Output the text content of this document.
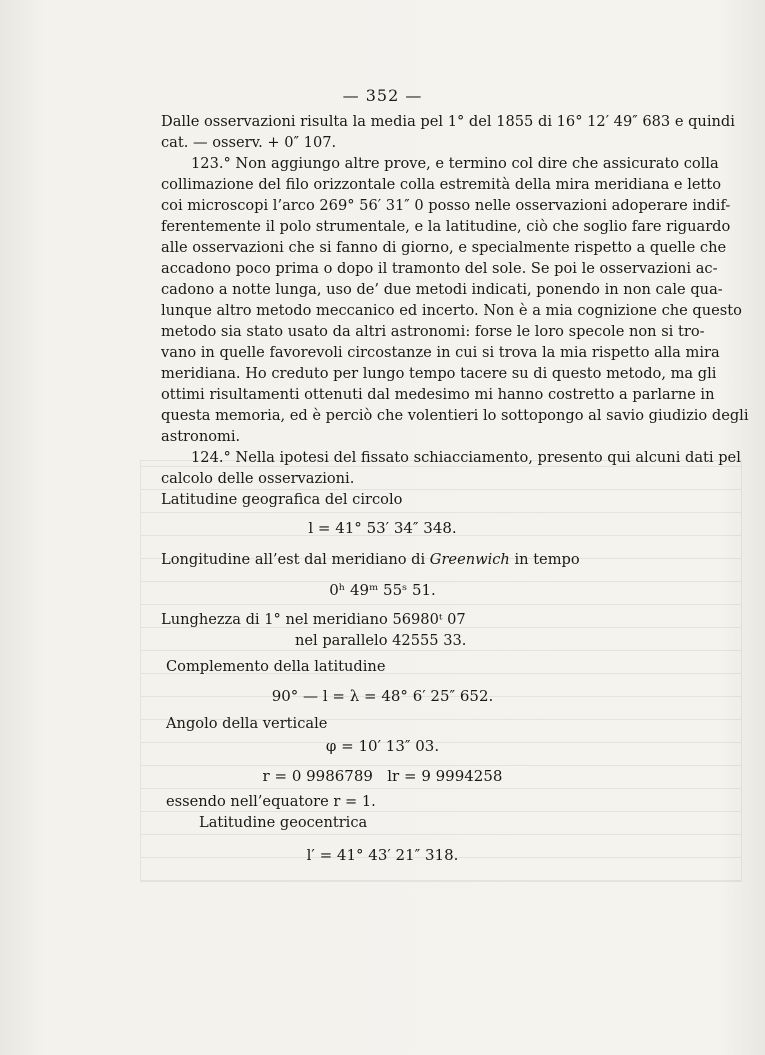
— 352 —
Dalle osservazioni risulta la media pel 1° del 1855 di 16° 12′ 49″ 683 e quindi
cat. — osserv. + 0″ 107.
123.° Non aggiungo altre prove, e termino col dire che assicurato colla
collimazione del filo orizzontale colla estremità della mira meridiana e letto
coi microscopi l’arco 269° 56′ 31″ 0 posso nelle osservazioni adoperare indif-
ferentemente il polo strumentale, e la latitudine, ciò che soglio fare riguardo
alle osservazioni che si fanno di giorno, e specialmente rispetto a quelle che
accadono poco prima o dopo il tramonto del sole. Se poi le osservazioni ac-
cadono a notte lunga, uso de’ due metodi indicati, ponendo in non cale qua-
lunque altro metodo meccanico ed incerto. Non è a mia cognizione che questo
metodo sia stato usato da altri astronomi: forse le loro specole non si tro-
vano in quelle favorevoli circostanze in cui si trova la mia rispetto alla mira
meridiana. Ho creduto per lungo tempo tacere su di questo metodo, ma gli
ottimi risultamenti ottenuti dal medesimo mi hanno costretto a parlarne in
questa memoria, ed è perciò che volentieri lo sottopongo al savio giudizio degli
astronomi.
124.° Nella ipotesi del fissato schiacciamento, presento qui alcuni dati pel
calcolo delle osservazioni.
Latitudine geografica del circolo
l = 41° 53′ 34″ 348.
Longitudine all’est dal meridiano di Greenwich in tempo
0ʰ 49ᵐ 55ˢ 51.
Lunghezza di 1° nel meridiano 56980ᵗ 07
nel parallelo 42555 33.
Complemento della latitudine
90° — l = λ = 48° 6′ 25″ 652.
Angolo della verticale
φ = 10′ 13″ 03.
r = 0 9986789   lr = 9 9994258
essendo nell’equatore r = 1.
Latitudine geocentrica
l′ = 41° 43′ 21″ 318.
